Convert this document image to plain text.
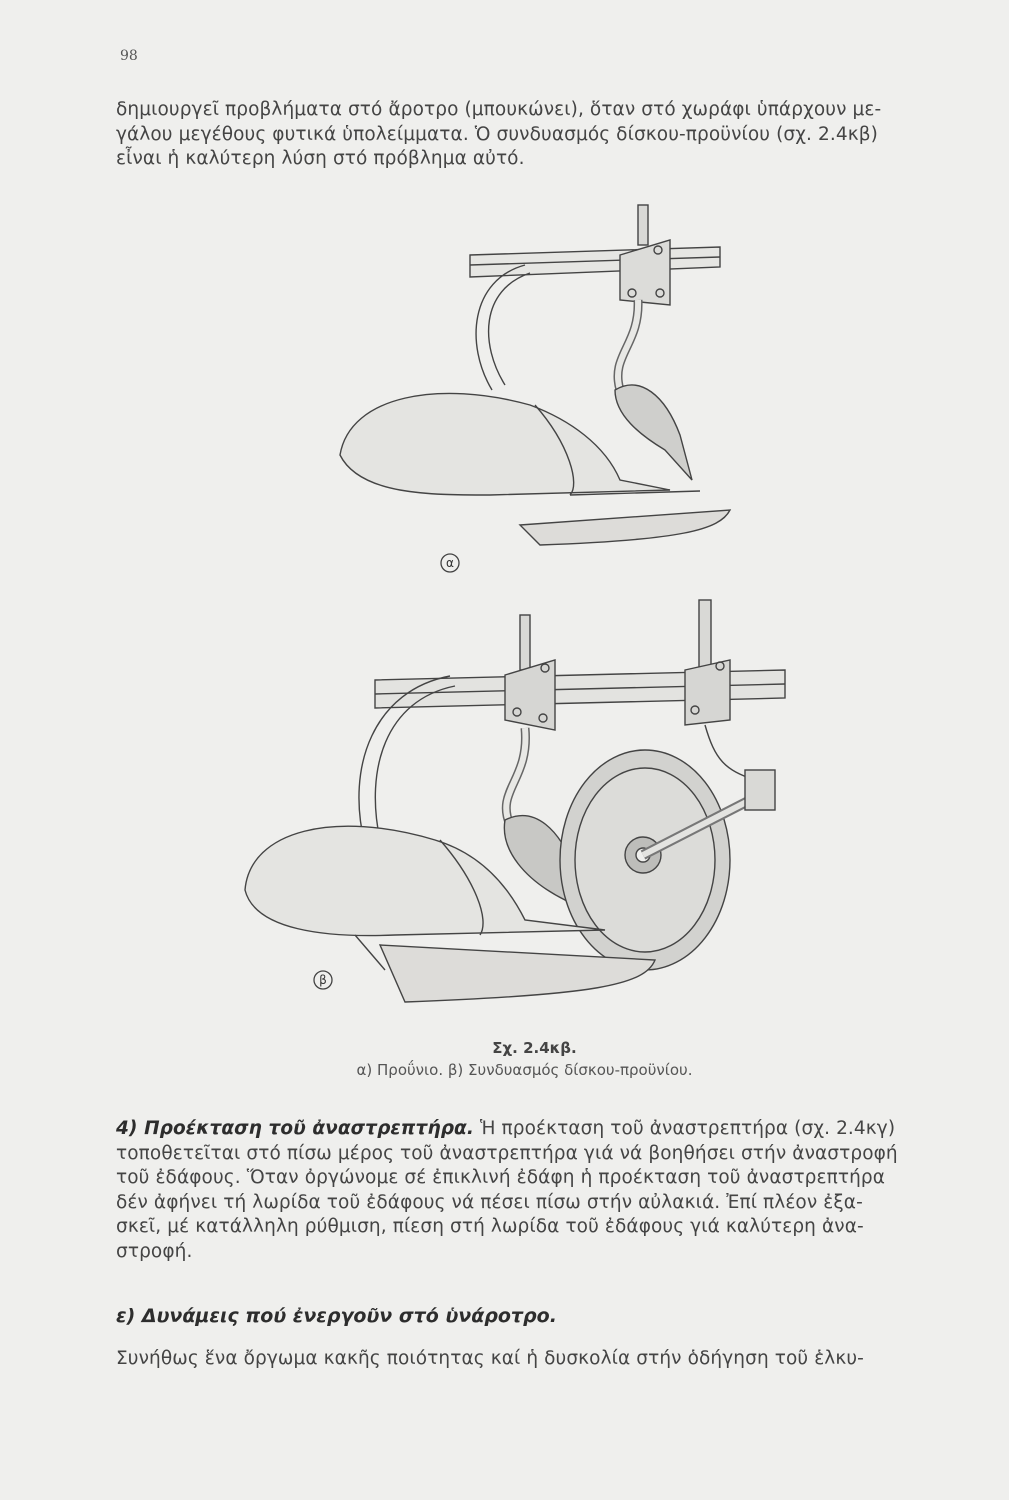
98
δημιουργεῖ προβλήματα στό ἄροτρο (μπουκώνει), ὅταν στό χωράφι ὑπάρχουν με-
γάλου μεγέθους φυτικά ὑπολείμματα. Ὁ συνδυασμός δίσκου-προϋνίου (σχ. 2.4κβ)
εἶναι ἡ καλύτερη λύση στό πρόβλημα αὐτό.
α
β
Σχ. 2.4κβ.
α) Προΰνιο. β) Συνδυασμός δίσκου-προϋνίου.
4) Προέκταση τοῦ ἀναστρεπτήρα. Ἡ προέκταση τοῦ ἀναστρεπτήρα (σχ. 2.4κγ)
τοποθετεῖται στό πίσω μέρος τοῦ ἀναστρεπτήρα γιά νά βοηθήσει στήν ἀναστροφή
τοῦ ἐδάφους. Ὅταν ὀργώνομε σέ ἐπικλινή ἐδάφη ἡ προέκταση τοῦ ἀναστρεπτήρα
δέν ἀφήνει τή λωρίδα τοῦ ἐδάφους νά πέσει πίσω στήν αὐλακιά. Ἐπί πλέον ἐξα-
σκεῖ, μέ κατάλληλη ρύθμιση, πίεση στή λωρίδα τοῦ ἐδάφους γιά καλύτερη ἀνα-
στροφή.
ε) Δυνάμεις πού ἐνεργοῦν στό ὑνάροτρο.
Συνήθως ἕνα ὄργωμα κακῆς ποιότητας καί ἡ δυσκολία στήν ὁδήγηση τοῦ ἑλκυ-
